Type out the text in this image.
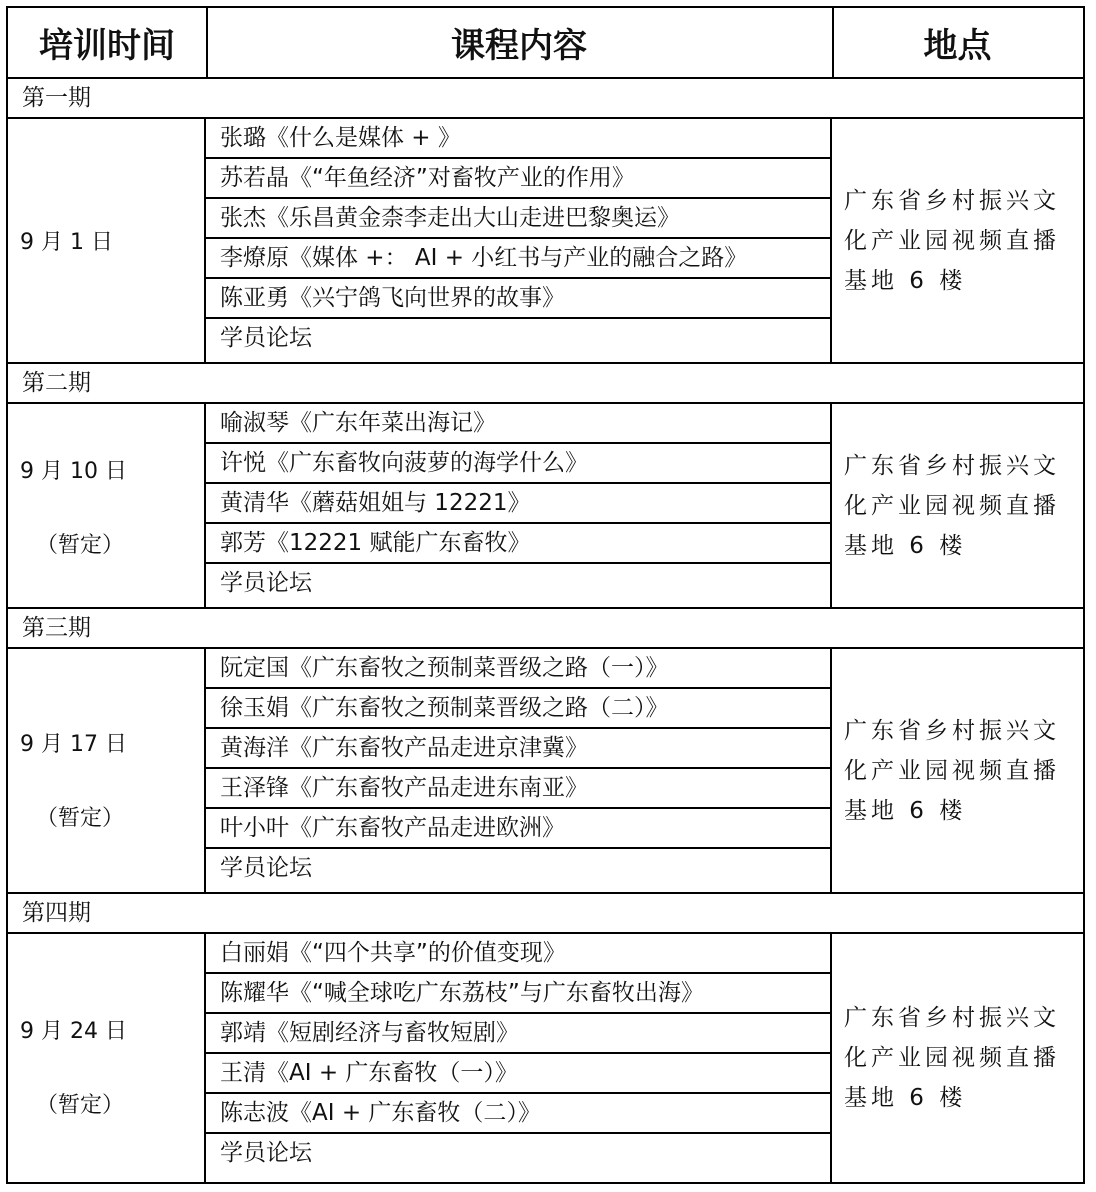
培训时间	课程内容	地点
第一期
9 月 1 日
张璐《什么是媒体 + 》
苏若晶《“年鱼经济”对畜牧产业的作用》
张杰《乐昌黄金柰李走出大山走进巴黎奥运》
李燎原《媒体 +： AI + 小红书与产业的融合之路》
陈亚勇《兴宁鸽飞向世界的故事》
学员论坛
广东省乡村振兴文化产业园视频直播基地 6 楼
第二期
9 月 10 日
（暂定）
喻淑琴《广东年菜出海记》
许悦《广东畜牧向菠萝的海学什么》
黄清华《蘑菇姐姐与 12221》
郭芳《12221 赋能广东畜牧》
学员论坛
广东省乡村振兴文化产业园视频直播基地 6 楼
第三期
9 月 17 日
（暂定）
阮定国《广东畜牧之预制菜晋级之路（一）》
徐玉娟《广东畜牧之预制菜晋级之路（二）》
黄海洋《广东畜牧产品走进京津冀》
王泽锋《广东畜牧产品走进东南亚》
叶小叶《广东畜牧产品走进欧洲》
学员论坛
广东省乡村振兴文化产业园视频直播基地 6 楼
第四期
9 月 24 日
（暂定）
白丽娟《“四个共享”的价值变现》
陈耀华《“喊全球吃广东荔枝”与广东畜牧出海》
郭靖《短剧经济与畜牧短剧》
王清《AI + 广东畜牧（一）》
陈志波《AI + 广东畜牧（二）》
学员论坛
广东省乡村振兴文化产业园视频直播基地 6 楼
